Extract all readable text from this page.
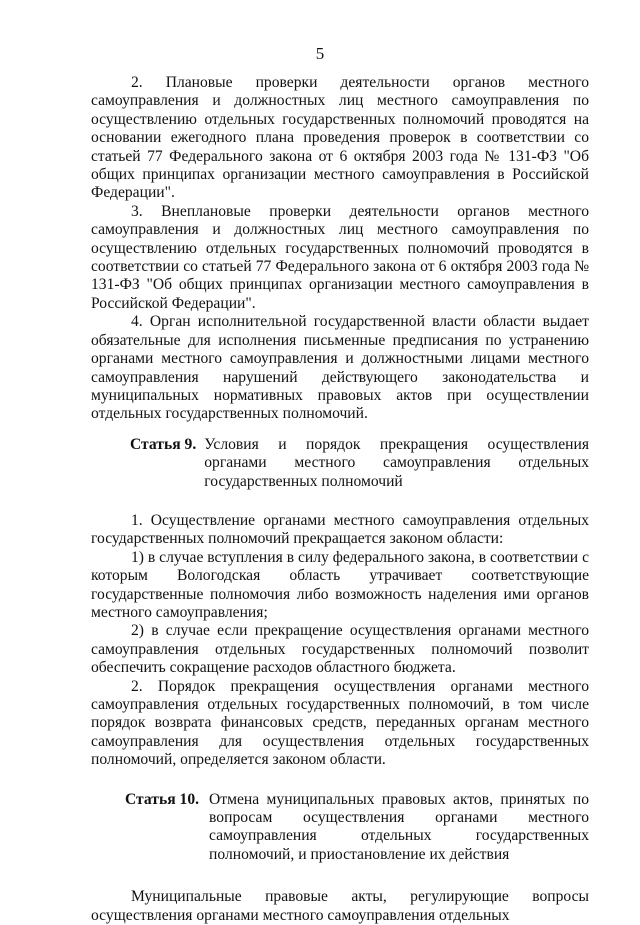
5

2. Плановые проверки деятельности органов местного самоуправления и должностных лиц местного самоуправления по осуществлению отдельных государственных полномочий проводятся на основании ежегодного плана проведения проверок в соответствии со статьей 77 Федерального закона от 6 октября 2003 года № 131-ФЗ "Об общих принципах организации местного самоуправления в Российской Федерации".

3. Внеплановые проверки деятельности органов местного самоуправления и должностных лиц местного самоуправления по осуществлению отдельных государственных полномочий проводятся в соответствии со статьей 77 Федерального закона от 6 октября 2003 года № 131-ФЗ "Об общих принципах организации местного самоуправления в Российской Федерации".

4. Орган исполнительной государственной власти области выдает обязательные для исполнения письменные предписания по устранению органами местного самоуправления и должностными лицами местного самоуправления нарушений действующего законодательства и муниципальных нормативных правовых актов при осуществлении отдельных государственных полномочий.

Статья 9. Условия и порядок прекращения осуществления органами местного самоуправления отдельных государственных полномочий

1. Осуществление органами местного самоуправления отдельных государственных полномочий прекращается законом области:

1) в случае вступления в силу федерального закона, в соответствии с которым Вологодская область утрачивает соответствующие государственные полномочия либо возможность наделения ими органов местного самоуправления;

2) в случае если прекращение осуществления органами местного самоуправления отдельных государственных полномочий позволит обеспечить сокращение расходов областного бюджета.

2. Порядок прекращения осуществления органами местного самоуправления отдельных государственных полномочий, в том числе порядок возврата финансовых средств, переданных органам местного самоуправления для осуществления отдельных государственных полномочий, определяется законом области.

Статья 10. Отмена муниципальных правовых актов, принятых по вопросам осуществления органами местного самоуправления отдельных государственных полномочий, и приостановление их действия

Муниципальные правовые акты, регулирующие вопросы осуществления органами местного самоуправления отдельных
